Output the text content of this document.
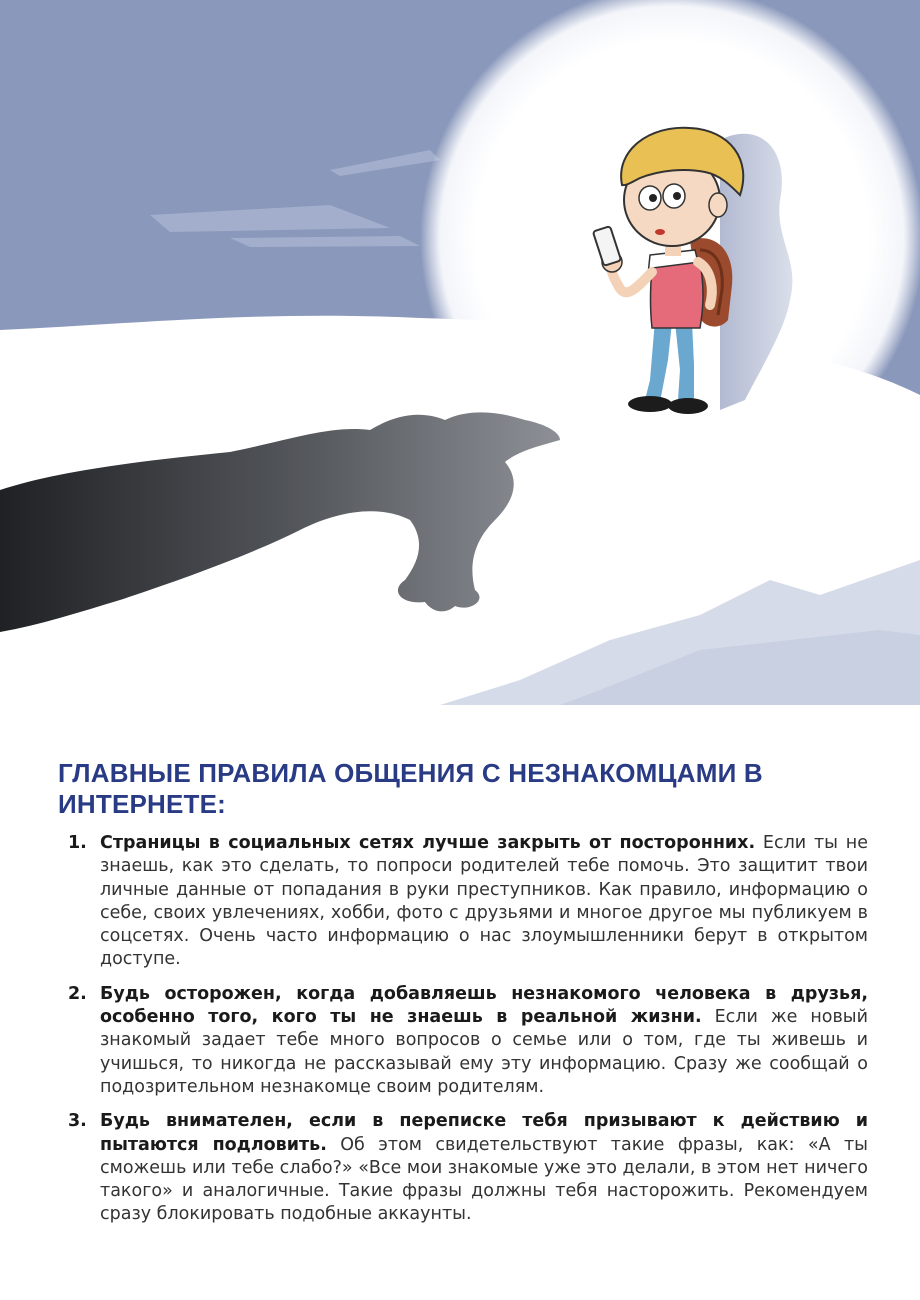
ГЛАВНЫЕ ПРАВИЛА ОБЩЕНИЯ С НЕЗНАКОМЦАМИ В ИНТЕРНЕТЕ:
1. Страницы в социальных сетях лучше закрыть от посторонних. Если ты не знаешь, как это сделать, то попроси родителей тебе помочь. Это защитит твои личные данные от попадания в руки преступников. Как правило, информацию о себе, своих увлечениях, хобби, фото с друзьями и многое другое мы публикуем в соцсетях. Очень часто информацию о нас злоумышленники берут в открытом доступе.
2. Будь осторожен, когда добавляешь незнакомого человека в друзья, особенно того, кого ты не знаешь в реальной жизни. Если же новый знакомый задает тебе много вопросов о семье или о том, где ты живешь и учишься, то никогда не рассказывай ему эту информацию. Сразу же сообщай о подозрительном незнакомце своим родителям.
3. Будь внимателен, если в переписке тебя призывают к действию и пытаются подловить. Об этом свидетельствуют такие фразы, как: «А ты сможешь или тебе слабо?» «Все мои знакомые уже это делали, в этом нет ничего такого» и аналогичные. Такие фразы должны тебя насторожить. Рекомендуем сразу блокировать подобные аккаунты.
